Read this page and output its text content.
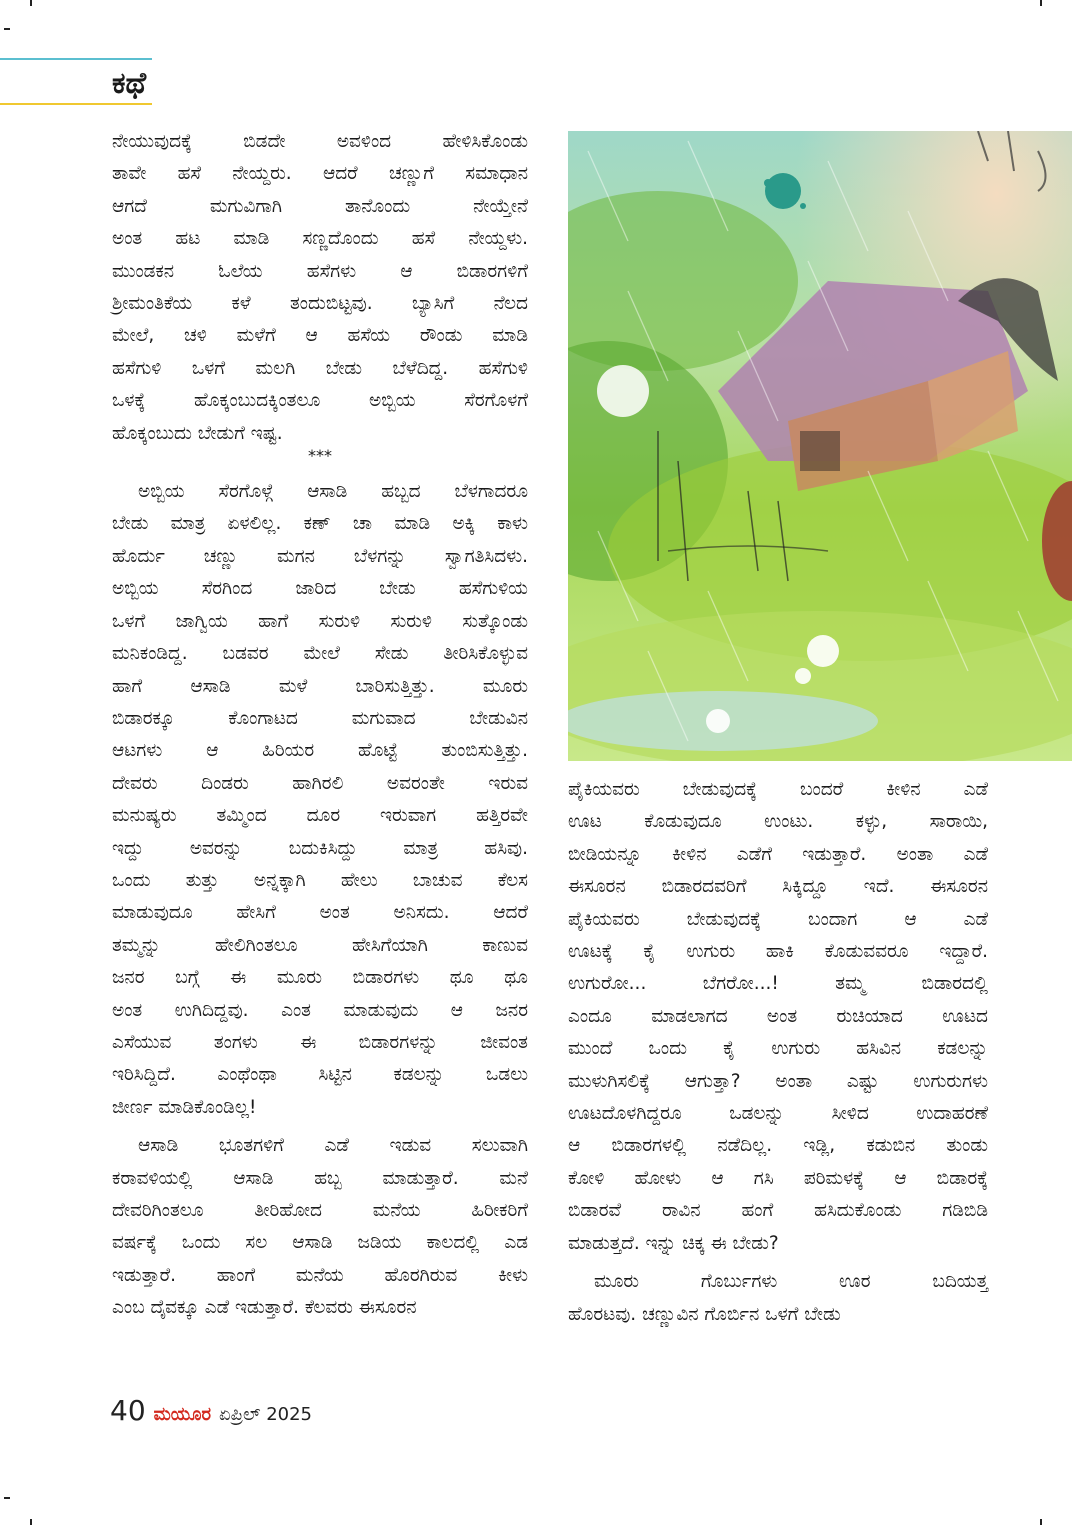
ಕಥೆ

ನೇಯುವುದಕ್ಕೆ ಬಿಡದೇ ಅವಳಿಂದ ಹೇಳಿಸಿಕೊಂಡು

ತಾವೇ ಹಸೆ ನೇಯ್ದರು. ಆದರೆ ಚಣ್ಣುಗೆ ಸಮಾಧಾನ

ಆಗದೆ ಮಗುವಿಗಾಗಿ ತಾನೊಂದು ನೇಯ್ತೇನೆ

ಅಂತ ಹಟ ಮಾಡಿ ಸಣ್ಣದೊಂದು ಹಸೆ ನೇಯ್ದಳು.

ಮುಂಡಕನ ಓಲೆಯ ಹಸೆಗಳು ಆ ಬಿಡಾರಗಳಿಗೆ

ಶ್ರೀಮಂತಿಕೆಯ ಕಳೆ ತಂದುಬಿಟ್ಟವು. ಬ್ಯಾಸಿಗೆ ನೆಲದ

ಮೇಲೆ, ಚಳಿ ಮಳೆಗೆ ಆ ಹಸೆಯ ರೌಂಡು ಮಾಡಿ

ಹಸೆಗುಳಿ ಒಳಗೆ ಮಲಗಿ ಬೇಡು ಬೆಳೆದಿದ್ದ. ಹಸೆಗುಳಿ

ಒಳಕ್ಕೆ ಹೊಕ್ಕಂಬುದಕ್ಕಿಂತಲೂ ಅಬ್ಬಿಯ ಸೆರಗೊಳಗೆ

ಹೊಕ್ಕಂಬುದು ಬೇಡುಗೆ ಇಷ್ಟ.

***

ಅಬ್ಬಿಯ ಸೆರಗೊಳ್ಗೆ ಆಸಾಡಿ ಹಬ್ಬದ ಬೆಳಗಾದರೂ

ಬೇಡು ಮಾತ್ರ ಏಳಲಿಲ್ಲ. ಕಣ್ ಚಾ ಮಾಡಿ ಅಕ್ಕಿ ಕಾಳು

ಹೊರ್ದು ಚಣ್ಣು ಮಗನ ಬೆಳಗನ್ನು ಸ್ವಾಗತಿಸಿದಳು.

ಅಬ್ಬಿಯ ಸೆರಗಿಂದ ಜಾರಿದ ಬೇಡು ಹಸೆಗುಳಿಯ

ಒಳಗೆ ಜಾಗ್ವಿಯ ಹಾಗೆ ಸುರುಳಿ ಸುರುಳಿ ಸುತ್ಕೊಂಡು

ಮನಿಕಂಡಿದ್ದ. ಬಡವರ ಮೇಲೆ ಸೇಡು ತೀರಿಸಿಕೊಳ್ಳುವ

ಹಾಗೆ ಆಸಾಡಿ ಮಳೆ ಬಾರಿಸುತ್ತಿತ್ತು. ಮೂರು

ಬಿಡಾರಕ್ಕೂ ಕೊಂಗಾಟದ ಮಗುವಾದ ಬೇಡುವಿನ

ಆಟಗಳು ಆ ಹಿರಿಯರ ಹೊಟ್ಟೆ ತುಂಬಿಸುತ್ತಿತ್ತು.

ದೇವರು ದಿಂಡರು ಹಾಗಿರಲಿ ಅವರಂತೇ ಇರುವ

ಮನುಷ್ಯರು ತಮ್ಮಿಂದ ದೂರ ಇರುವಾಗ ಹತ್ತಿರವೇ

ಇದ್ದು ಅವರನ್ನು ಬದುಕಿಸಿದ್ದು ಮಾತ್ರ ಹಸಿವು.

ಒಂದು ತುತ್ತು ಅನ್ನಕ್ಕಾಗಿ ಹೇಲು ಬಾಚುವ ಕೆಲಸ

ಮಾಡುವುದೂ ಹೇಸಿಗೆ ಅಂತ ಅನಿಸದು. ಆದರೆ

ತಮ್ಮನ್ನು ಹೇಲಿಗಿಂತಲೂ ಹೇಸಿಗೆಯಾಗಿ ಕಾಣುವ

ಜನರ ಬಗ್ಗೆ ಈ ಮೂರು ಬಿಡಾರಗಳು ಥೂ ಥೂ

ಅಂತ ಉಗಿದಿದ್ದವು. ಎಂತ ಮಾಡುವುದು ಆ ಜನರ

ಎಸೆಯುವ ತಂಗಳು ಈ ಬಿಡಾರಗಳನ್ನು ಜೀವಂತ

ಇರಿಸಿದ್ದಿದೆ. ಎಂಥೆಂಥಾ ಸಿಟ್ಟಿನ ಕಡಲನ್ನು ಒಡಲು

ಜೀರ್ಣ ಮಾಡಿಕೊಂಡಿಲ್ಲ!

ಆಸಾಡಿ ಭೂತಗಳಿಗೆ ಎಡೆ ಇಡುವ ಸಲುವಾಗಿ

ಕರಾವಳಿಯಲ್ಲಿ ಆಸಾಡಿ ಹಬ್ಬ ಮಾಡುತ್ತಾರೆ. ಮನೆ

ದೇವರಿಗಿಂತಲೂ ತೀರಿಹೋದ ಮನೆಯ ಹಿರೀಕರಿಗೆ

ವರ್ಷಕ್ಕೆ ಒಂದು ಸಲ ಆಸಾಡಿ ಜಡಿಯ ಕಾಲದಲ್ಲಿ ಎಡ

ಇಡುತ್ತಾರೆ. ಹಾಂಗೆ ಮನೆಯ ಹೊರಗಿರುವ ಕೀಳು

ಎಂಬ ದೈವಕ್ಕೂ ಎಡೆ ಇಡುತ್ತಾರೆ. ಕೆಲವರು ಈಸೂರನ

ಪೈಕಿಯವರು ಬೇಡುವುದಕ್ಕೆ ಬಂದರೆ ಕೀಳಿನ ಎಡೆ

ಊಟ ಕೊಡುವುದೂ ಉಂಟು. ಕಳ್ಳು, ಸಾರಾಯಿ,

ಬೀಡಿಯನ್ನೂ ಕೀಳಿನ ಎಡೆಗೆ ಇಡುತ್ತಾರೆ. ಅಂತಾ ಎಡೆ

ಈಸೂರನ ಬಿಡಾರದವರಿಗೆ ಸಿಕ್ಕಿದ್ದೂ ಇದೆ. ಈಸೂರನ

ಪೈಕಿಯವರು ಬೇಡುವುದಕ್ಕೆ ಬಂದಾಗ ಆ ಎಡೆ

ಊಟಕ್ಕೆ ಕೈ ಉಗುರು ಹಾಕಿ ಕೊಡುವವರೂ ಇದ್ದಾರೆ.

ಉಗುರೋ... ಬೆಗರೋ...! ತಮ್ಮ ಬಿಡಾರದಲ್ಲಿ

ಎಂದೂ ಮಾಡಲಾಗದ ಅಂತ ರುಚಿಯಾದ ಊಟದ

ಮುಂದೆ ಒಂದು ಕೈ ಉಗುರು ಹಸಿವಿನ ಕಡಲನ್ನು

ಮುಳುಗಿಸಲಿಕ್ಕೆ ಆಗುತ್ತಾ? ಅಂತಾ ಎಷ್ಟು ಉಗುರುಗಳು

ಊಟದೊಳಗಿದ್ದರೂ ಒಡಲನ್ನು ಸೀಳಿದ ಉದಾಹರಣೆ

ಆ ಬಿಡಾರಗಳಲ್ಲಿ ನಡೆದಿಲ್ಲ. ಇಡ್ಲಿ, ಕಡುಬಿನ ತುಂಡು

ಕೋಳಿ ಹೋಳು ಆ ಗಸಿ ಪರಿಮಳಕ್ಕೆ ಆ ಬಿಡಾರಕ್ಕೆ

ಬಿಡಾರವೆ ರಾವಿನ ಹಂಗೆ ಹಸಿದುಕೊಂಡು ಗಡಿಬಿಡಿ

ಮಾಡುತ್ತದೆ. ಇನ್ನು ಚಿಕ್ಕ ಈ ಬೇಡು?

ಮೂರು ಗೊರ್ಬುಗಳು ಊರ ಬದಿಯತ್ತ

ಹೊರಟವು. ಚಣ್ಣುವಿನ ಗೊರ್ಬಿನ ಒಳಗೆ ಬೇಡು

40 ಮಯೂರ ಏಪ್ರಿಲ್ 2025
